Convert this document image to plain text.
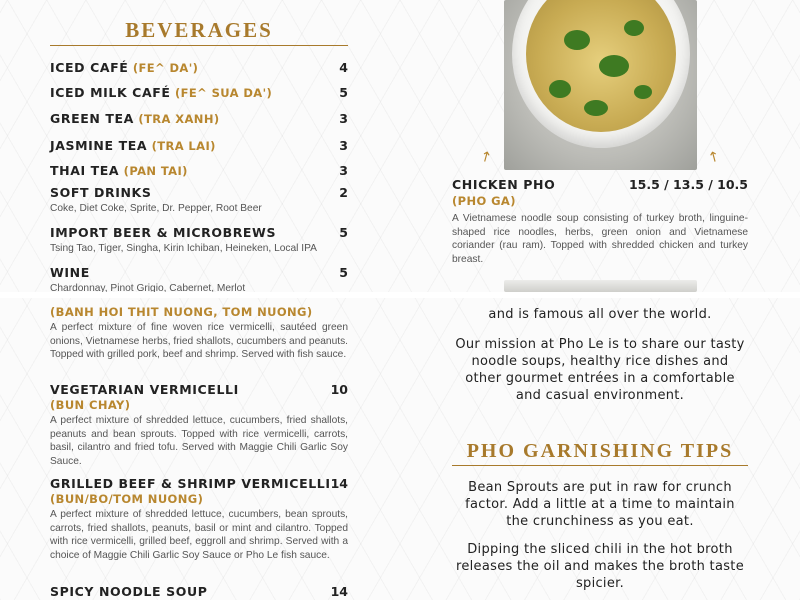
BEVERAGES
ICED CAFÉ (FE^ DA')	4
ICED MILK CAFÉ (FE^ SUA DA')	5
GREEN TEA (TRA XANH)	3
JASMINE TEA (TRA LAI)	3
THAI TEA (PAN TAI)	3
SOFT DRINKS	2
Coke, Diet Coke, Sprite, Dr. Pepper, Root Beer
IMPORT BEER & MICROBREWS	5
Tsing Tao, Tiger, Singha, Kirin Ichiban, Heineken, Local IPA
WINE	5
Chardonnay, Pinot Grigio, Cabernet, Merlot
↗	↖
CHICKEN PHO	15.5 / 13.5 / 10.5
(PHO GA)
A Vietnamese noodle soup consisting of turkey broth, linguine-shaped rice noodles, herbs, green onion and Vietnamese coriander (rau ram). Topped with shredded chicken and turkey breast.
(BANH HOI THIT NUONG, TOM NUONG)
A perfect mixture of fine woven rice vermicelli, sautéed green onions, Vietnamese herbs, fried shallots, cucumbers and peanuts. Topped with grilled pork, beef and shrimp. Served with fish sauce.
VEGETARIAN VERMICELLI	10
(BUN CHAY)
A perfect mixture of shredded lettuce, cucumbers, fried shallots, peanuts and bean sprouts. Topped with rice vermicelli, carrots, basil, cilantro and fried tofu. Served with Maggie Chili Garlic Soy Sauce.
GRILLED BEEF & SHRIMP VERMICELLI 14
(BUN/BO/TOM NUONG)
A perfect mixture of shredded lettuce, cucumbers, bean sprouts, carrots, fried shallots, peanuts, basil or mint and cilantro. Topped with rice vermicelli, grilled beef, eggroll and shrimp. Served with a choice of Maggie Chili Garlic Soy Sauce or Pho Le fish sauce.
SPICY NOODLE SOUP	14
and is famous all over the world.
Our mission at Pho Le is to share our tasty noodle soups, healthy rice dishes and other gourmet entrées in a comfortable and casual environment.
PHO GARNISHING TIPS
Bean Sprouts are put in raw for crunch factor. Add a little at a time to maintain the crunchiness as you eat.
Dipping the sliced chili in the hot broth releases the oil and makes the broth taste spicier.
